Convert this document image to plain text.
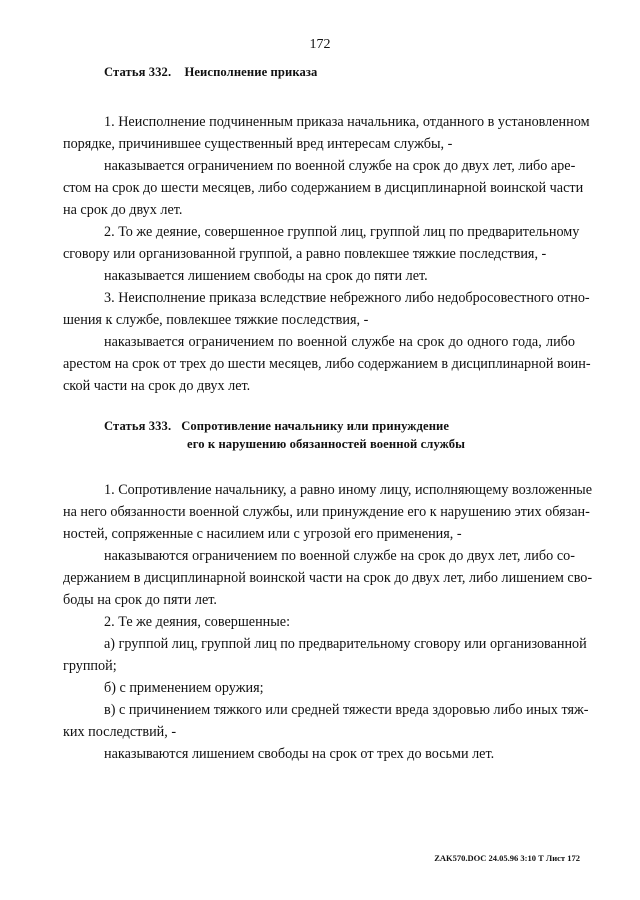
172
Статья 332. Неисполнение приказа
1. Неисполнение подчиненным приказа начальника, отданного в установленном
порядке, причинившее существенный вред интересам службы, -
наказывается ограничением по военной службе на срок до двух лет, либо аре-
стом на срок до шести месяцев, либо содержанием в дисциплинарной воинской части
на срок до двух лет.
2. То же деяние, совершенное группой лиц, группой лиц по предварительному
сговору или организованной группой, а равно повлекшее тяжкие последствия, -
наказывается лишением свободы на срок до пяти лет.
3. Неисполнение приказа вследствие небрежного либо недобросовестного отно-
шения к службе, повлекшее тяжкие последствия, -
наказывается ограничением по военной службе на срок до одного года, либо
арестом на срок от трех до шести месяцев, либо содержанием в дисциплинарной воин-
ской части на срок до двух лет.
Статья 333. Сопротивление начальнику или принуждение
его к нарушению обязанностей военной службы
1. Сопротивление начальнику, а равно иному лицу, исполняющему возложенные
на него обязанности военной службы, или принуждение его к нарушению этих обязан-
ностей, сопряженные с насилием или с угрозой его применения, -
наказываются ограничением по военной службе на срок до двух лет, либо со-
держанием в дисциплинарной воинской части на срок до двух лет, либо лишением сво-
боды на срок до пяти лет.
2. Те же деяния, совершенные:
а) группой лиц, группой лиц по предварительному сговору или организованной
группой;
б) с применением оружия;
в) с причинением тяжкого или средней тяжести вреда здоровью либо иных тяж-
ких последствий, -
наказываются лишением свободы на срок от трех до восьми лет.
ZAK570.DOC 24.05.96 3:10 Т Лист 172
